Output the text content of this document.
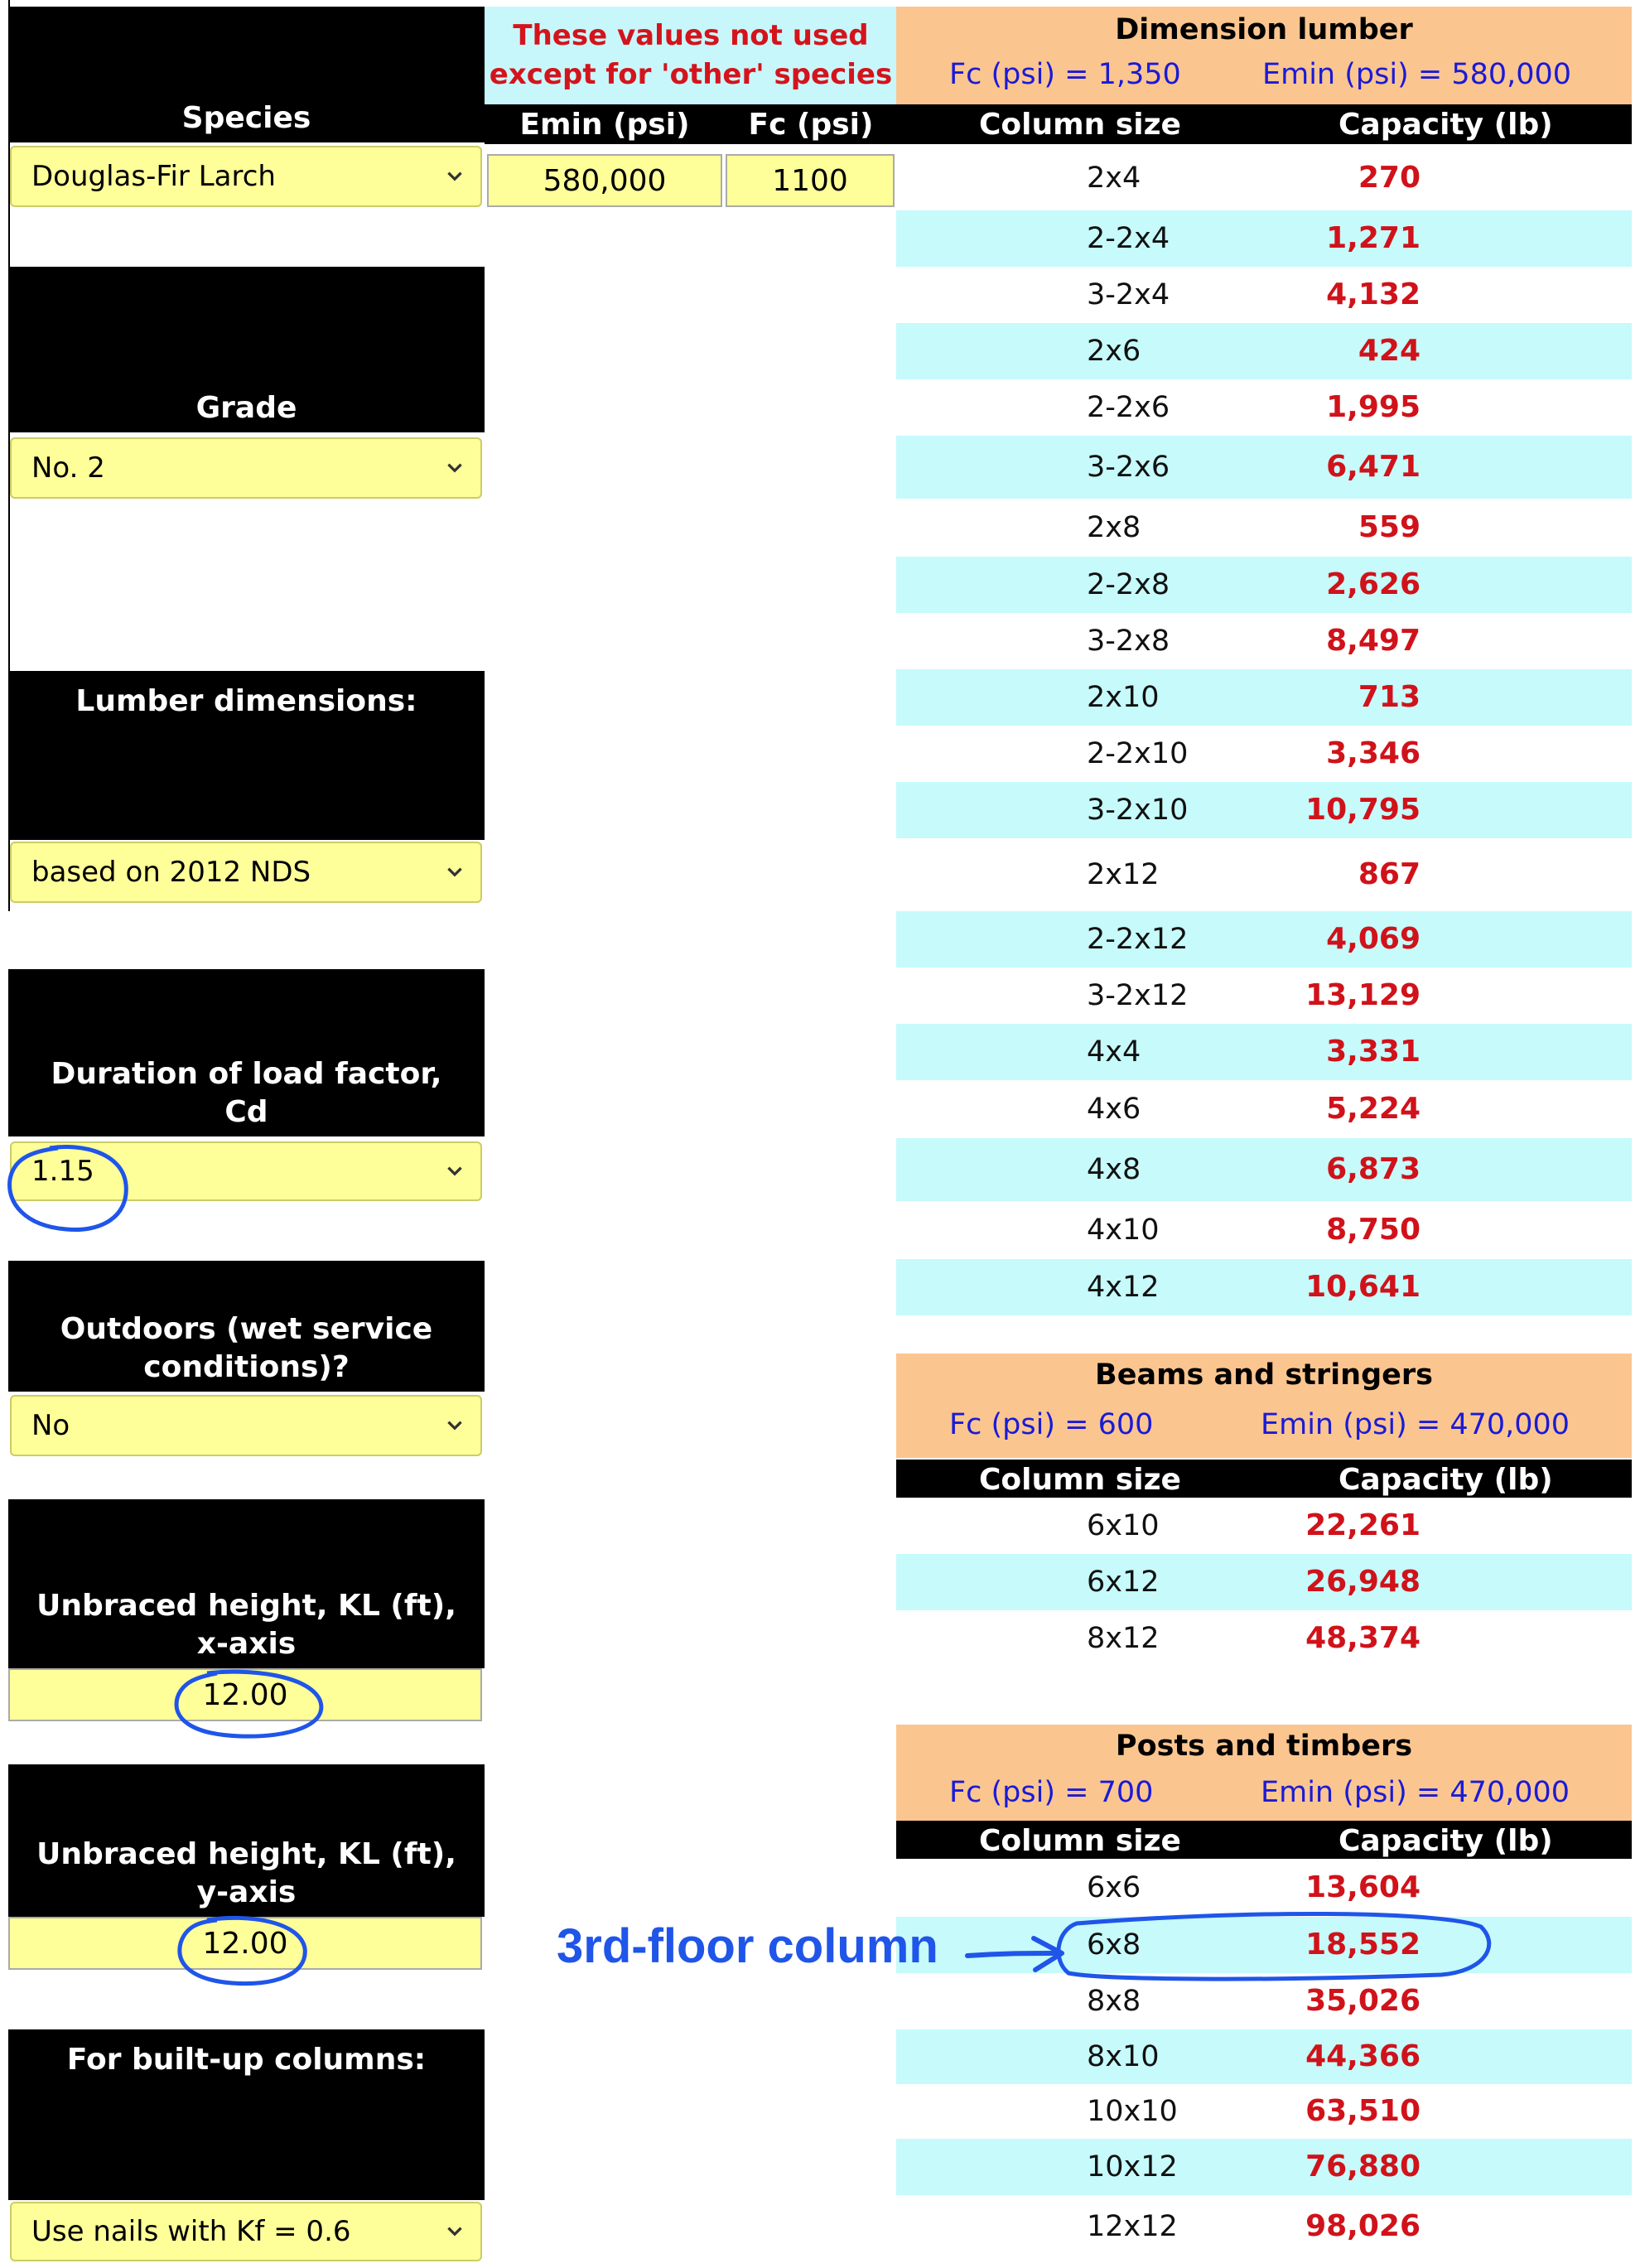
Species
Douglas-Fir Larch
Grade
No. 2
Lumber dimensions:
based on 2012 NDS
Duration of load factor, Cd
1.15
Outdoors (wet service conditions)?
No
Unbraced height, KL (ft), x-axis
12.00
Unbraced height, KL (ft), y-axis
12.00
For built-up columns:
Use nails with Kf = 0.6
These values not used except for 'other' species
Emin (psi) Fc (psi)
580,000	1100
Dimension lumber
Fc (psi) = 1,350	Emin (psi) = 580,000
Column size	Capacity (lb)
2x4	270
2-2x4	1,271
3-2x4	4,132
2x6	424
2-2x6	1,995
3-2x6	6,471
2x8	559
2-2x8	2,626
3-2x8	8,497
2x10	713
2-2x10	3,346
3-2x10	10,795
2x12	867
2-2x12	4,069
3-2x12	13,129
4x4	3,331
4x6	5,224
4x8	6,873
4x10	8,750
4x12	10,641
Beams and stringers
Fc (psi) = 600	Emin (psi) = 470,000
Column size	Capacity (lb)
6x10	22,261
6x12	26,948
8x12	48,374
Posts and timbers
Fc (psi) = 700	Emin (psi) = 470,000
Column size	Capacity (lb)
6x6	13,604
6x8	18,552
8x8	35,026
8x10	44,366
10x10	63,510
10x12	76,880
12x12	98,026
3rd-floor column
